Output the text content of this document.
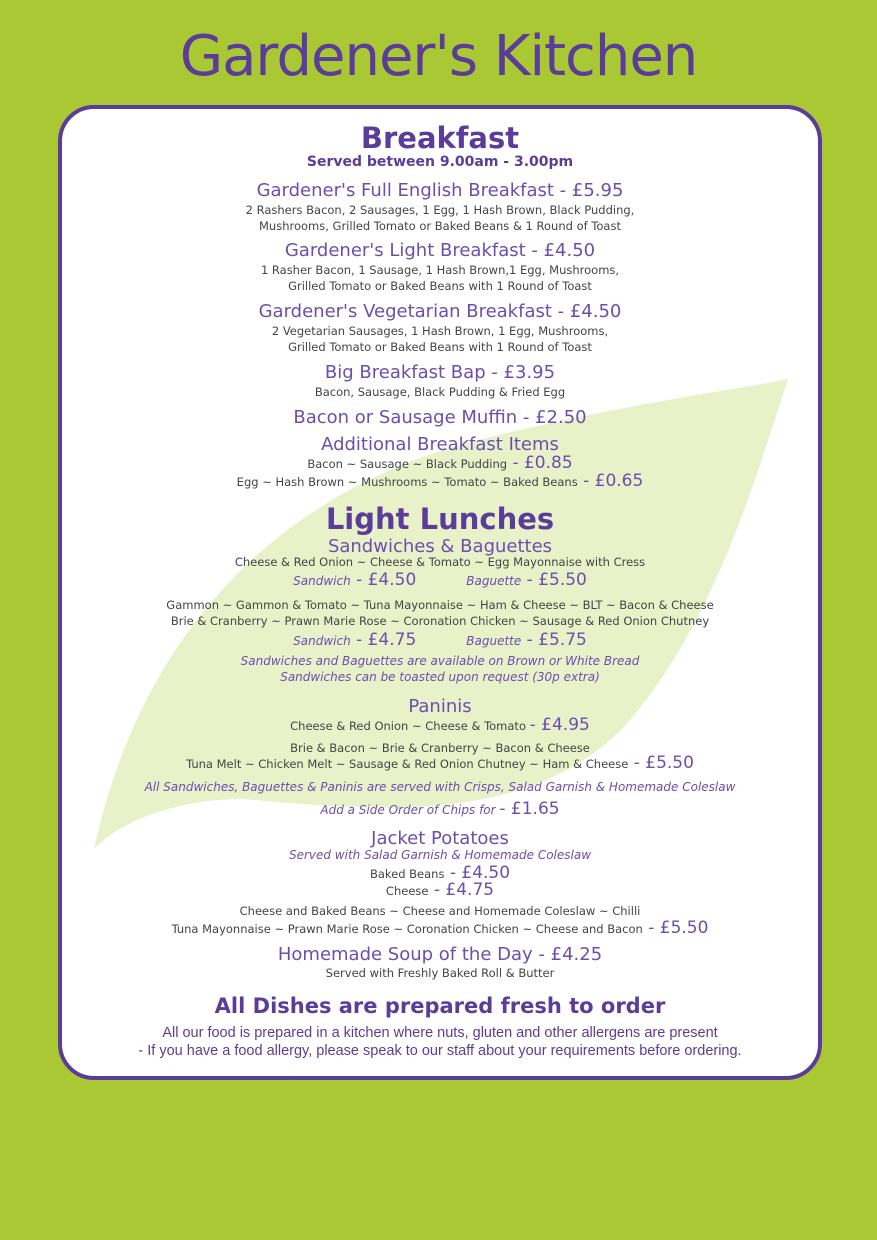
Gardener's Kitchen
Breakfast
Served between 9.00am - 3.00pm
Gardener's Full English Breakfast - £5.95
2 Rashers Bacon, 2 Sausages, 1 Egg, 1 Hash Brown, Black Pudding,
Mushrooms, Grilled Tomato or Baked Beans & 1 Round of Toast
Gardener's Light Breakfast - £4.50
1 Rasher Bacon, 1 Sausage, 1 Hash Brown,1 Egg, Mushrooms,
Grilled Tomato or Baked Beans with 1 Round of Toast
Gardener's Vegetarian Breakfast - £4.50
2 Vegetarian Sausages, 1 Hash Brown, 1 Egg, Mushrooms,
Grilled Tomato or Baked Beans with 1 Round of Toast
Big Breakfast Bap - £3.95
Bacon, Sausage, Black Pudding & Fried Egg
Bacon or Sausage Muffin - £2.50
Additional Breakfast Items
Bacon ~ Sausage ~ Black Pudding - £0.85
Egg ~ Hash Brown ~ Mushrooms ~ Tomato ~ Baked Beans - £0.65
Light Lunches
Sandwiches & Baguettes
Cheese & Red Onion ~ Cheese & Tomato ~ Egg Mayonnaise with Cress
Sandwich - £4.50	Baguette - £5.50
Gammon ~ Gammon & Tomato ~ Tuna Mayonnaise ~ Ham & Cheese ~ BLT ~ Bacon & Cheese
Brie & Cranberry ~ Prawn Marie Rose ~ Coronation Chicken ~ Sausage & Red Onion Chutney
Sandwich - £4.75	Baguette - £5.75
Sandwiches and Baguettes are available on Brown or White Bread
Sandwiches can be toasted upon request (30p extra)
Paninis
Cheese & Red Onion ~ Cheese & Tomato - £4.95
Brie & Bacon ~ Brie & Cranberry ~ Bacon & Cheese
Tuna Melt ~ Chicken Melt ~ Sausage & Red Onion Chutney ~ Ham & Cheese - £5.50
All Sandwiches, Baguettes & Paninis are served with Crisps, Salad Garnish & Homemade Coleslaw
Add a Side Order of Chips for - £1.65
Jacket Potatoes
Served with Salad Garnish & Homemade Coleslaw
Baked Beans - £4.50
Cheese - £4.75
Cheese and Baked Beans ~ Cheese and Homemade Coleslaw ~ Chilli
Tuna Mayonnaise ~ Prawn Marie Rose ~ Coronation Chicken ~ Cheese and Bacon - £5.50
Homemade Soup of the Day - £4.25
Served with Freshly Baked Roll & Butter
All Dishes are prepared fresh to order
All our food is prepared in a kitchen where nuts, gluten and other allergens are present
- If you have a food allergy, please speak to our staff about your requirements before ordering.
